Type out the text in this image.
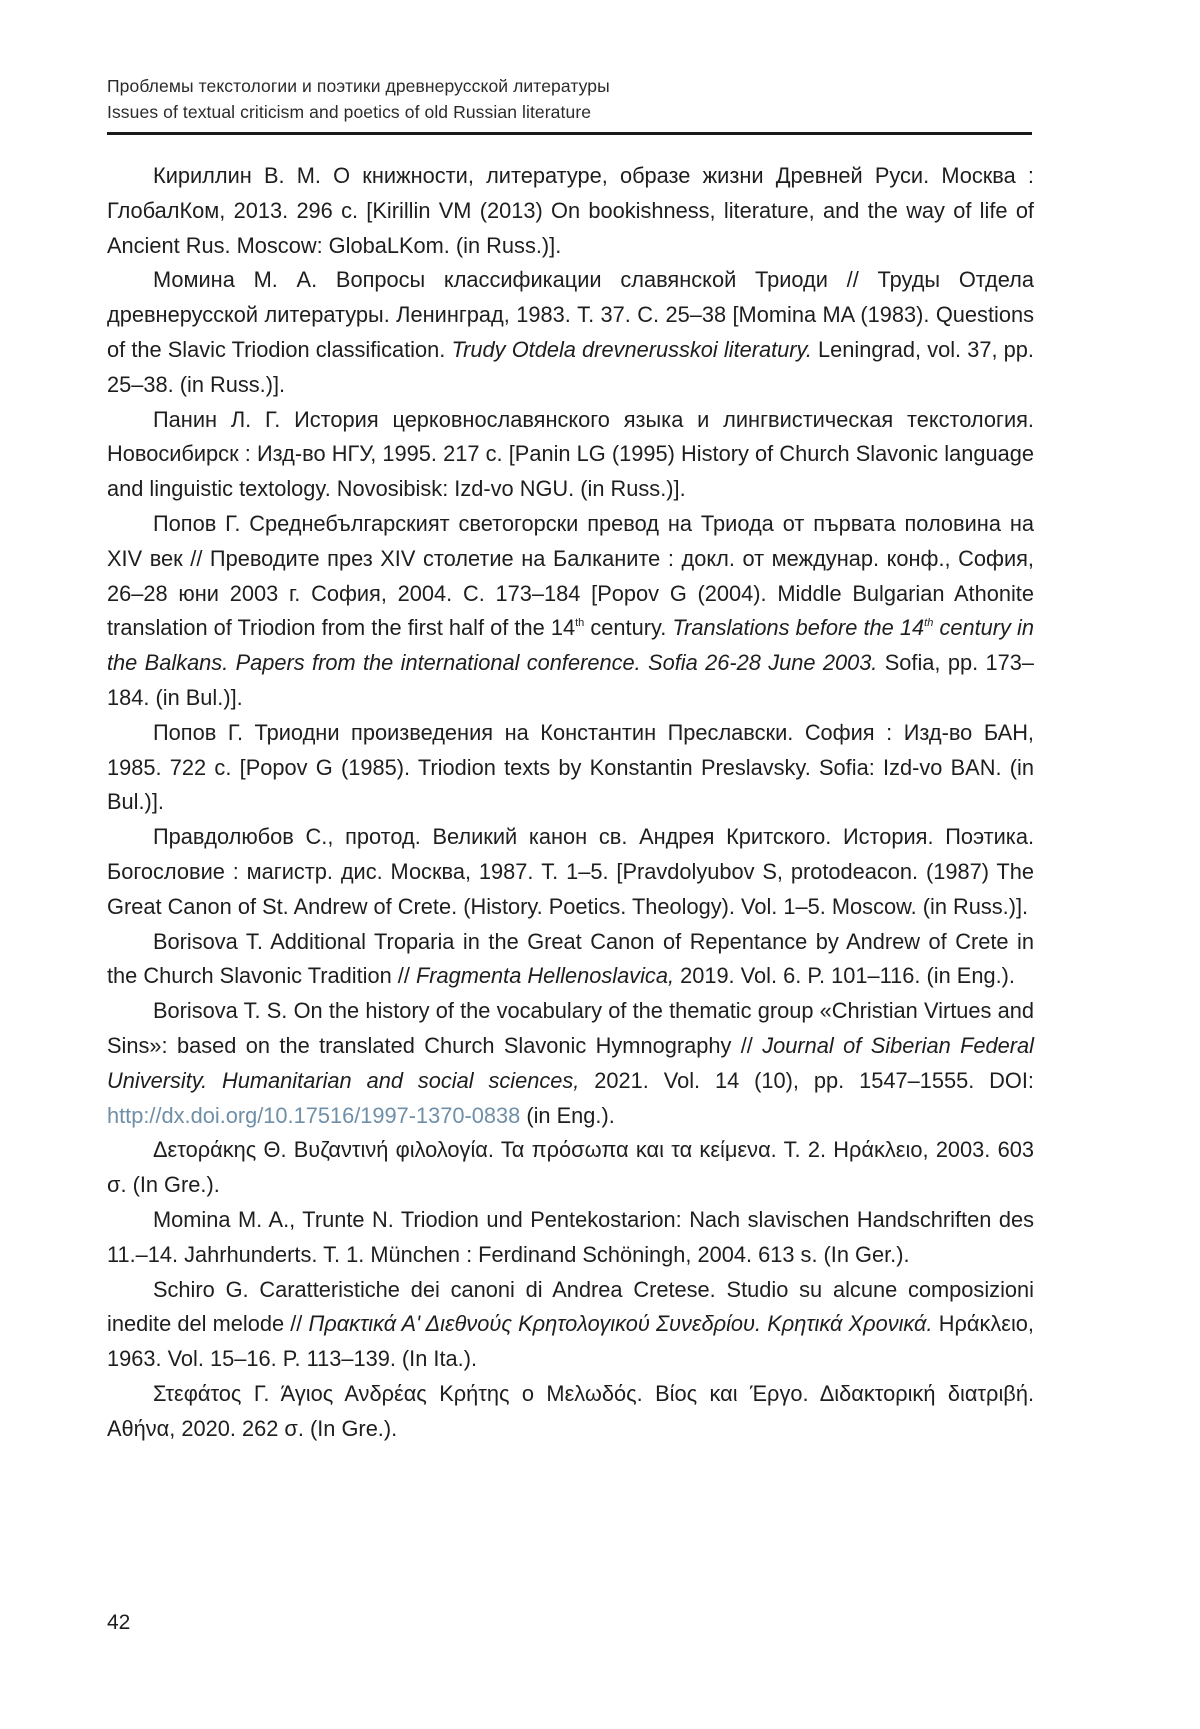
Проблемы текстологии и поэтики древнерусской литературы
Issues of textual criticism and poetics of old Russian literature

Кириллин В. М. О книжности, литературе, образе жизни Древней Руси. Москва : ГлобалКом, 2013. 296 с. [Kirillin VM (2013) On bookishness, literature, and the way of life of Ancient Rus. Moscow: GlobaLKom. (in Russ.)].

Момина М. А. Вопросы классификации славянской Триоди // Труды Отдела древнерусской литературы. Ленинград, 1983. Т. 37. С. 25–38 [Momina MA (1983). Questions of the Slavic Triodion classification. Trudy Otdela drevnerusskoi literatury. Leningrad, vol. 37, pp. 25–38. (in Russ.)].

Панин Л. Г. История церковнославянского языка и лингвистическая текстология. Новосибирск : Изд-во НГУ, 1995. 217 с. [Panin LG (1995) History of Church Slavonic language and linguistic textology. Novosibisk: Izd-vo NGU. (in Russ.)].

Попов Г. Среднебългарският светогорски превод на Триода от първата половина на XIV век // Преводите през XIV столетие на Балканите : докл. от междунар. конф., София, 26–28 юни 2003 г. София, 2004. С. 173–184 [Popov G (2004). Middle Bulgarian Athonite translation of Triodion from the first half of the 14th century. Translations before the 14th century in the Balkans. Papers from the international conference. Sofia 26-28 June 2003. Sofia, pp. 173–184. (in Bul.)].

Попов Г. Триодни произведения на Константин Преславски. София : Изд-во БАН, 1985. 722 с. [Popov G (1985). Triodion texts by Konstantin Preslavsky. Sofia: Izd-vo BAN. (in Bul.)].

Правдолюбов С., протод. Великий канон св. Андрея Критского. История. Поэтика. Богословие : магистр. дис. Москва, 1987. Т. 1–5. [Pravdolyubov S, protodeacon. (1987) The Great Canon of St. Andrew of Crete. (History. Poetics. Theology). Vol. 1–5. Moscow. (in Russ.)].

Borisova T. Additional Troparia in the Great Canon of Repentance by Andrew of Crete in the Church Slavonic Tradition // Fragmenta Hellenoslavica, 2019. Vol. 6. P. 101–116. (in Eng.).

Borisova T. S. On the history of the vocabulary of the thematic group «Christian Virtues and Sins»: based on the translated Church Slavonic Hymnography // Journal of Siberian Federal University. Humanitarian and social sciences, 2021. Vol. 14 (10), pp. 1547–1555. DOI: http://dx.doi.org/10.17516/1997-1370-0838 (in Eng.).

Δετοράκης Θ. Βυζαντινή φιλολογία. Τα πρόσωπα και τα κείμενα. Τ. 2. Ηράκλειο, 2003. 603 σ. (In Gre.).

Momina M. A., Trunte N. Triodion und Pentekostarion: Nach slavischen Handschriften des 11.–14. Jahrhunderts. T. 1. München : Ferdinand Schöningh, 2004. 613 s. (In Ger.).

Schiro G. Caratteristiche dei canoni di Andrea Cretese. Studio su alcune composizioni inedite del melode // Πρακτικά Α' Διεθνούς Κρητολογικού Συνεδρίου. Κρητικά Χρονικά. Ηράκλειο, 1963. Vol. 15–16. P. 113–139. (In Ita.).

Στεφάτος Γ. Άγιος Ανδρέας Κρήτης ο Μελωδός. Βίος και Έργο. Διδακτορική διατριβή. Αθήνα, 2020. 262 σ. (In Gre.).

42
